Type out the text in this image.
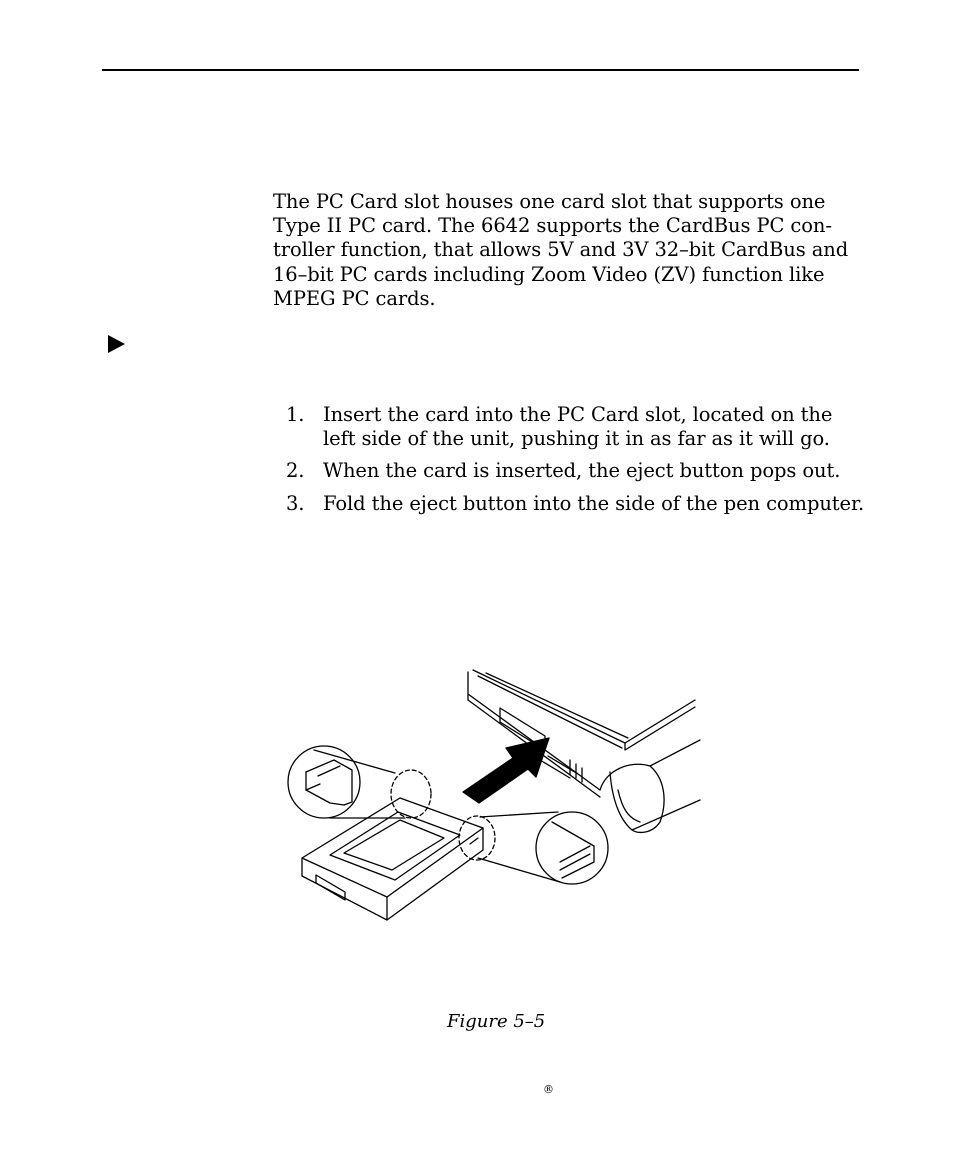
The PC Card slot houses one card slot that supports one
Type II PC card. The 6642 supports the CardBus PC con-
troller function, that allows 5V and 3V 32–bit CardBus and
16–bit PC cards including Zoom Video (ZV) function like
MPEG PC cards.

1. Insert the card into the PC Card slot, located on the
left side of the unit, pushing it in as far as it will go.
2. When the card is inserted, the eject button pops out.
3. Fold the eject button into the side of the pen computer.
Figure 5–5
®
